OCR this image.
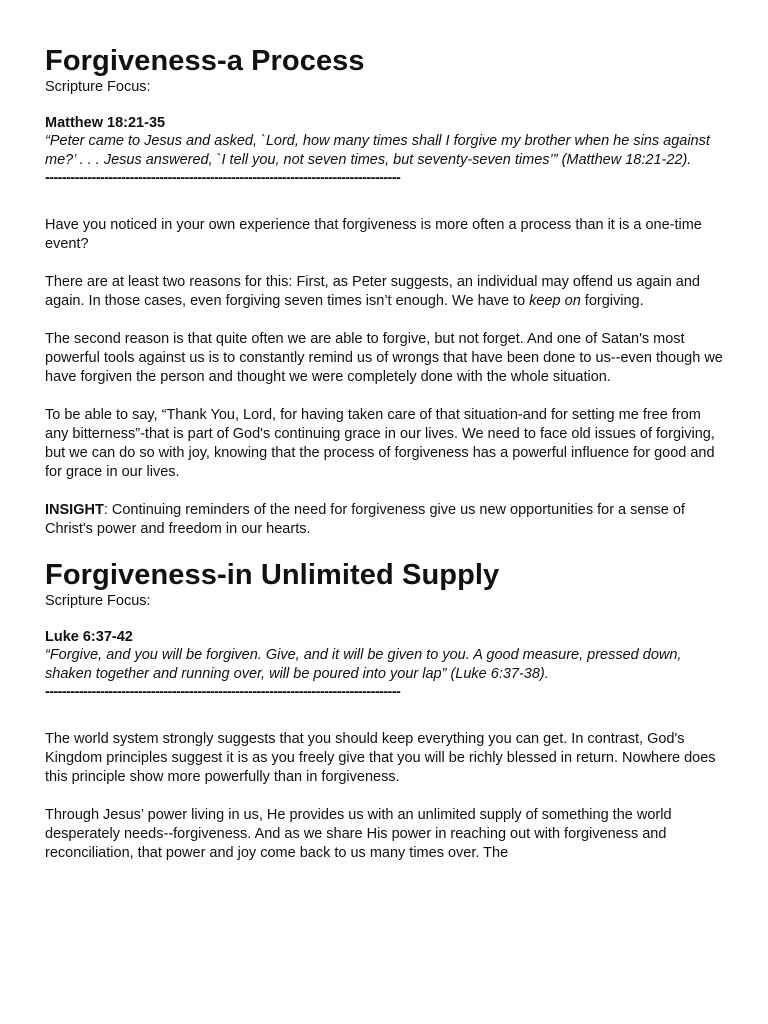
Forgiveness-a Process

Scripture Focus:

Matthew 18:21-35

“Peter came to Jesus and asked, `Lord, how many times shall I forgive my brother when he sins against me?’ . . . Jesus answered, `I tell you, not seven times, but seventy-seven times’” (Matthew 18:21-22).

------------------------------------------------------------------------------------

Have you noticed in your own experience that forgiveness is more often a process than it is a one-time event?

There are at least two reasons for this: First, as Peter suggests, an individual may offend us again and again. In those cases, even forgiving seven times isn’t enough. We have to keep on forgiving.

The second reason is that quite often we are able to forgive, but not forget. And one of Satan's most powerful tools against us is to constantly remind us of wrongs that have been done to us--even though we have forgiven the person and thought we were completely done with the whole situation.

To be able to say, “Thank You, Lord, for having taken care of that situation-and for setting me free from any bitterness”-that is part of God's continuing grace in our lives. We need to face old issues of forgiving, but we can do so with joy, knowing that the process of forgiveness has a powerful influence for good and for grace in our lives.

INSIGHT: Continuing reminders of the need for forgiveness give us new opportunities for a sense of Christ's power and freedom in our hearts.

Forgiveness-in Unlimited Supply

Scripture Focus:

Luke 6:37-42

“Forgive, and you will be forgiven. Give, and it will be given to you. A good measure, pressed down, shaken together and running over, will be poured into your lap” (Luke 6:37-38).

------------------------------------------------------------------------------------

The world system strongly suggests that you should keep everything you can get. In contrast, God's Kingdom principles suggest it is as you freely give that you will be richly blessed in return. Nowhere does this principle show more powerfully than in forgiveness.

Through Jesus’ power living in us, He provides us with an unlimited supply of something the world desperately needs--forgiveness. And as we share His power in reaching out with forgiveness and reconciliation, that power and joy come back to us many times over. The
